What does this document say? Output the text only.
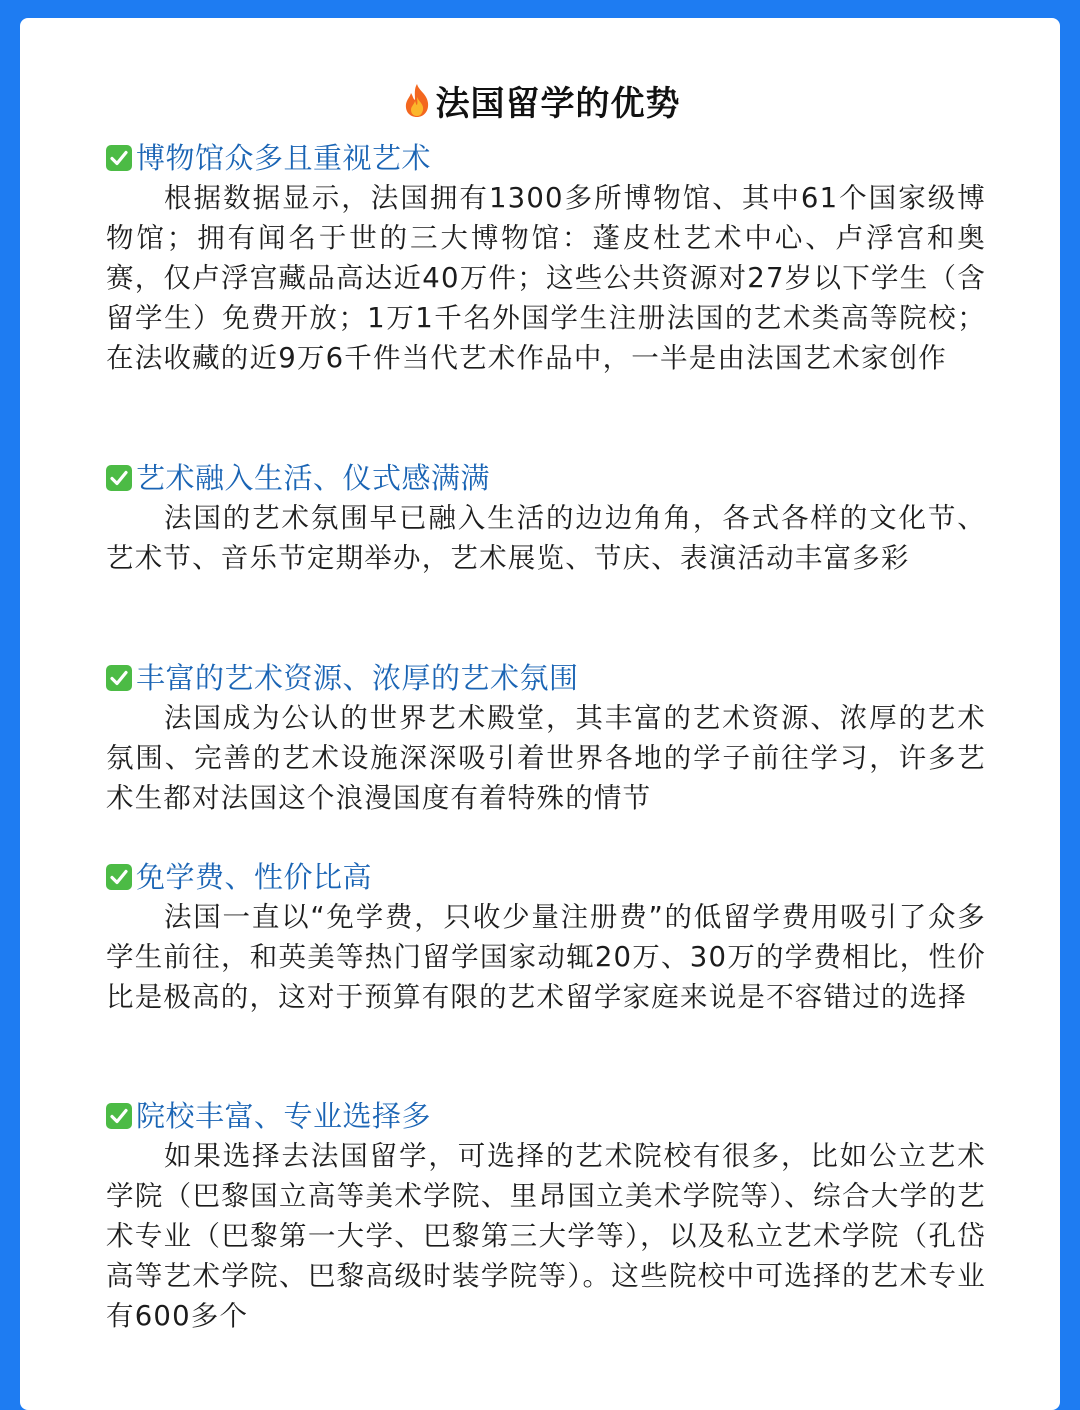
法国留学的优势
博物馆众多且重视艺术
根据数据显示，法国拥有1300多所博物馆、其中61个国家级博物馆；拥有闻名于世的三大博物馆：蓬皮杜艺术中心、卢浮宫和奥赛，仅卢浮宫藏品高达近40万件；这些公共资源对27岁以下学生（含留学生）免费开放；1万1千名外国学生注册法国的艺术类高等院校；在法收藏的近9万6千件当代艺术作品中，一半是由法国艺术家创作
艺术融入生活、仪式感满满
法国的艺术氛围早已融入生活的边边角角，各式各样的文化节、艺术节、音乐节定期举办，艺术展览、节庆、表演活动丰富多彩
丰富的艺术资源、浓厚的艺术氛围
法国成为公认的世界艺术殿堂，其丰富的艺术资源、浓厚的艺术氛围、完善的艺术设施深深吸引着世界各地的学子前往学习，许多艺术生都对法国这个浪漫国度有着特殊的情节
免学费、性价比高
法国一直以“免学费，只收少量注册费”的低留学费用吸引了众多学生前往，和英美等热门留学国家动辄20万、30万的学费相比，性价比是极高的，这对于预算有限的艺术留学家庭来说是不容错过的选择
院校丰富、专业选择多
如果选择去法国留学，可选择的艺术院校有很多，比如公立艺术学院（巴黎国立高等美术学院、里昂国立美术学院等）、综合大学的艺术专业（巴黎第一大学、巴黎第三大学等），以及私立艺术学院（孔岱高等艺术学院、巴黎高级时装学院等）。这些院校中可选择的艺术专业有600多个
